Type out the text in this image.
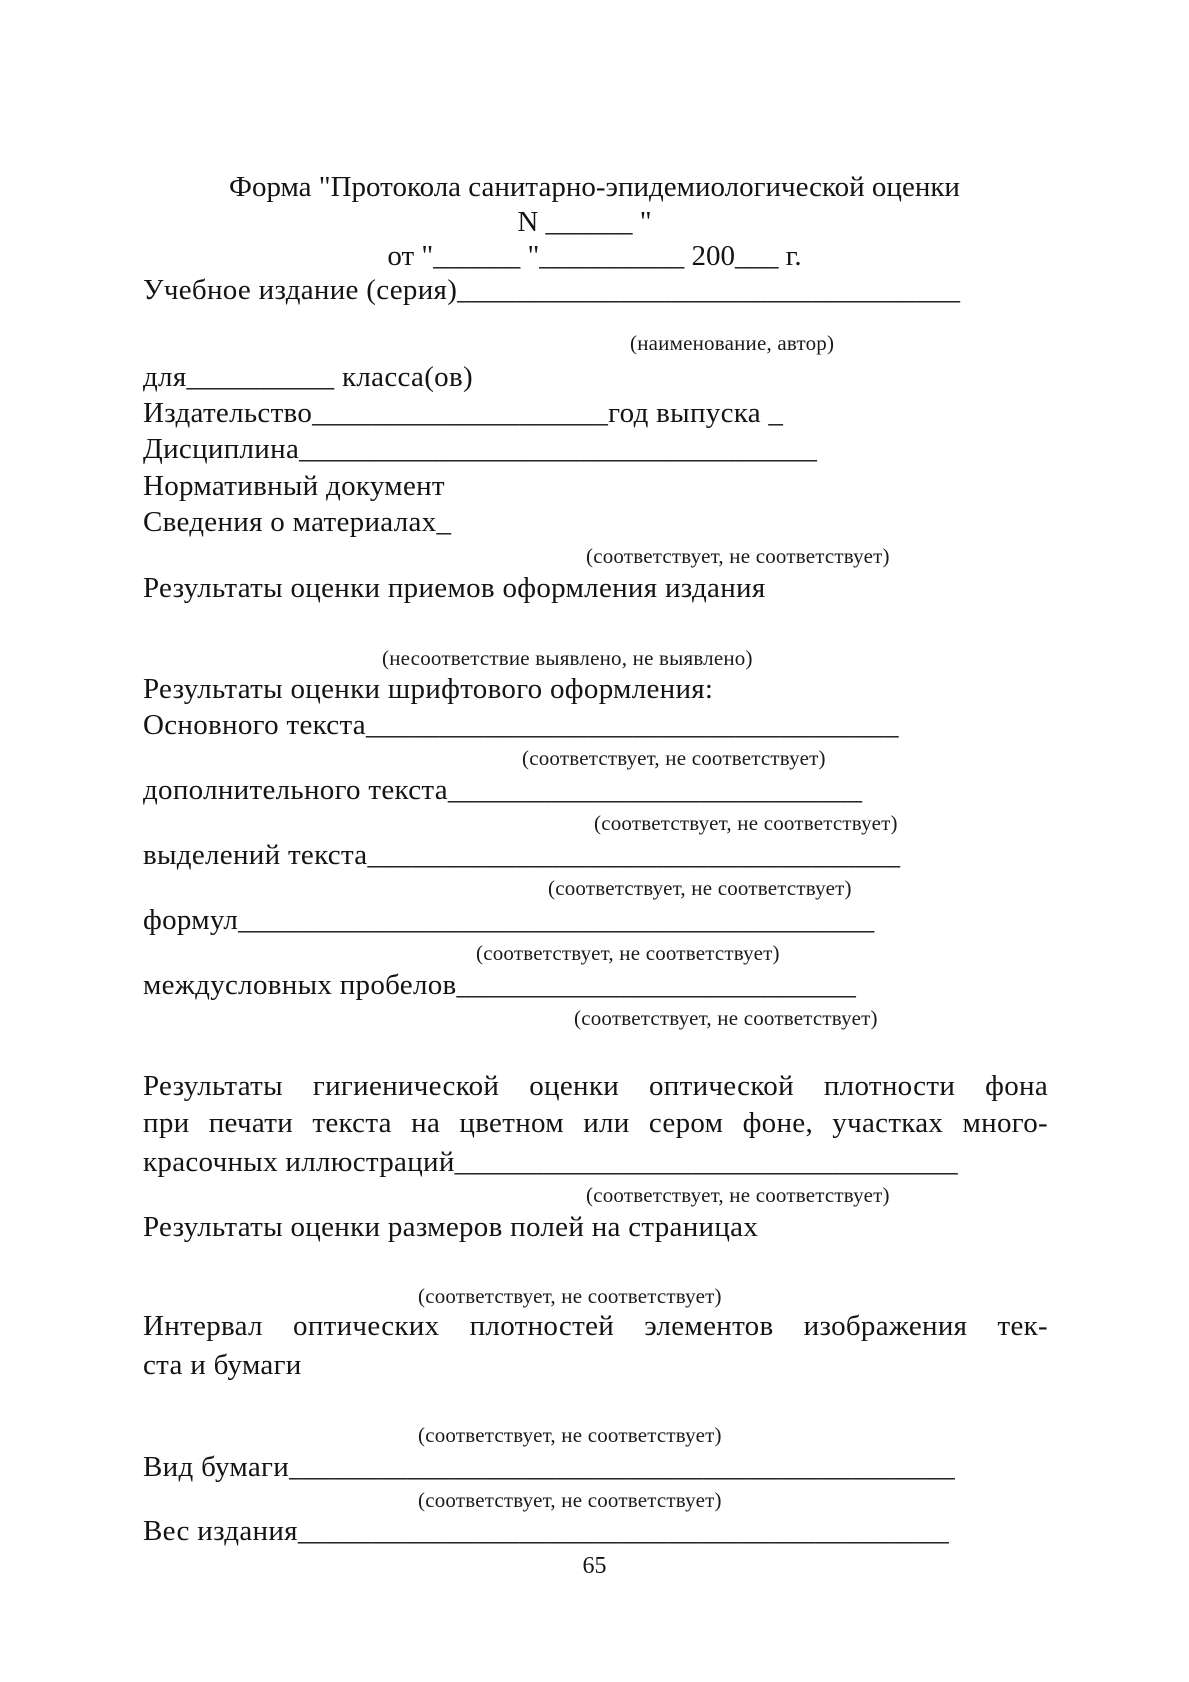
Форма "Протокола санитарно-эпидемиологической оценки
N ______ "
от "______ "__________ 200___ г.
Учебное издание (серия)__________________________________
(наименование, автор)
для__________ класса(ов)
Издательство____________________год выпуска _
Дисциплина___________________________________
Нормативный документ
Сведения о материалах_
(соответствует, не соответствует)
Результаты оценки приемов оформления издания
(несоответствие выявлено, не выявлено)
Результаты оценки шрифтового оформления:
Основного текста____________________________________
(соответствует, не соответствует)
дополнительного текста____________________________
(соответствует, не соответствует)
выделений текста____________________________________
(соответствует, не соответствует)
формул___________________________________________
(соответствует, не соответствует)
междусловных пробелов___________________________
(соответствует, не соответствует)
Результаты гигиенической оценки оптической плотности фона
при печати текста на цветном или сером фоне, участках много-
красочных иллюстраций__________________________________
(соответствует, не соответствует)
Результаты оценки размеров полей на страницах
(соответствует, не соответствует)
Интервал оптических плотностей элементов изображения тек-
ста и бумаги
(соответствует, не соответствует)
Вид бумаги_____________________________________________
(соответствует, не соответствует)
Вес издания____________________________________________
65
